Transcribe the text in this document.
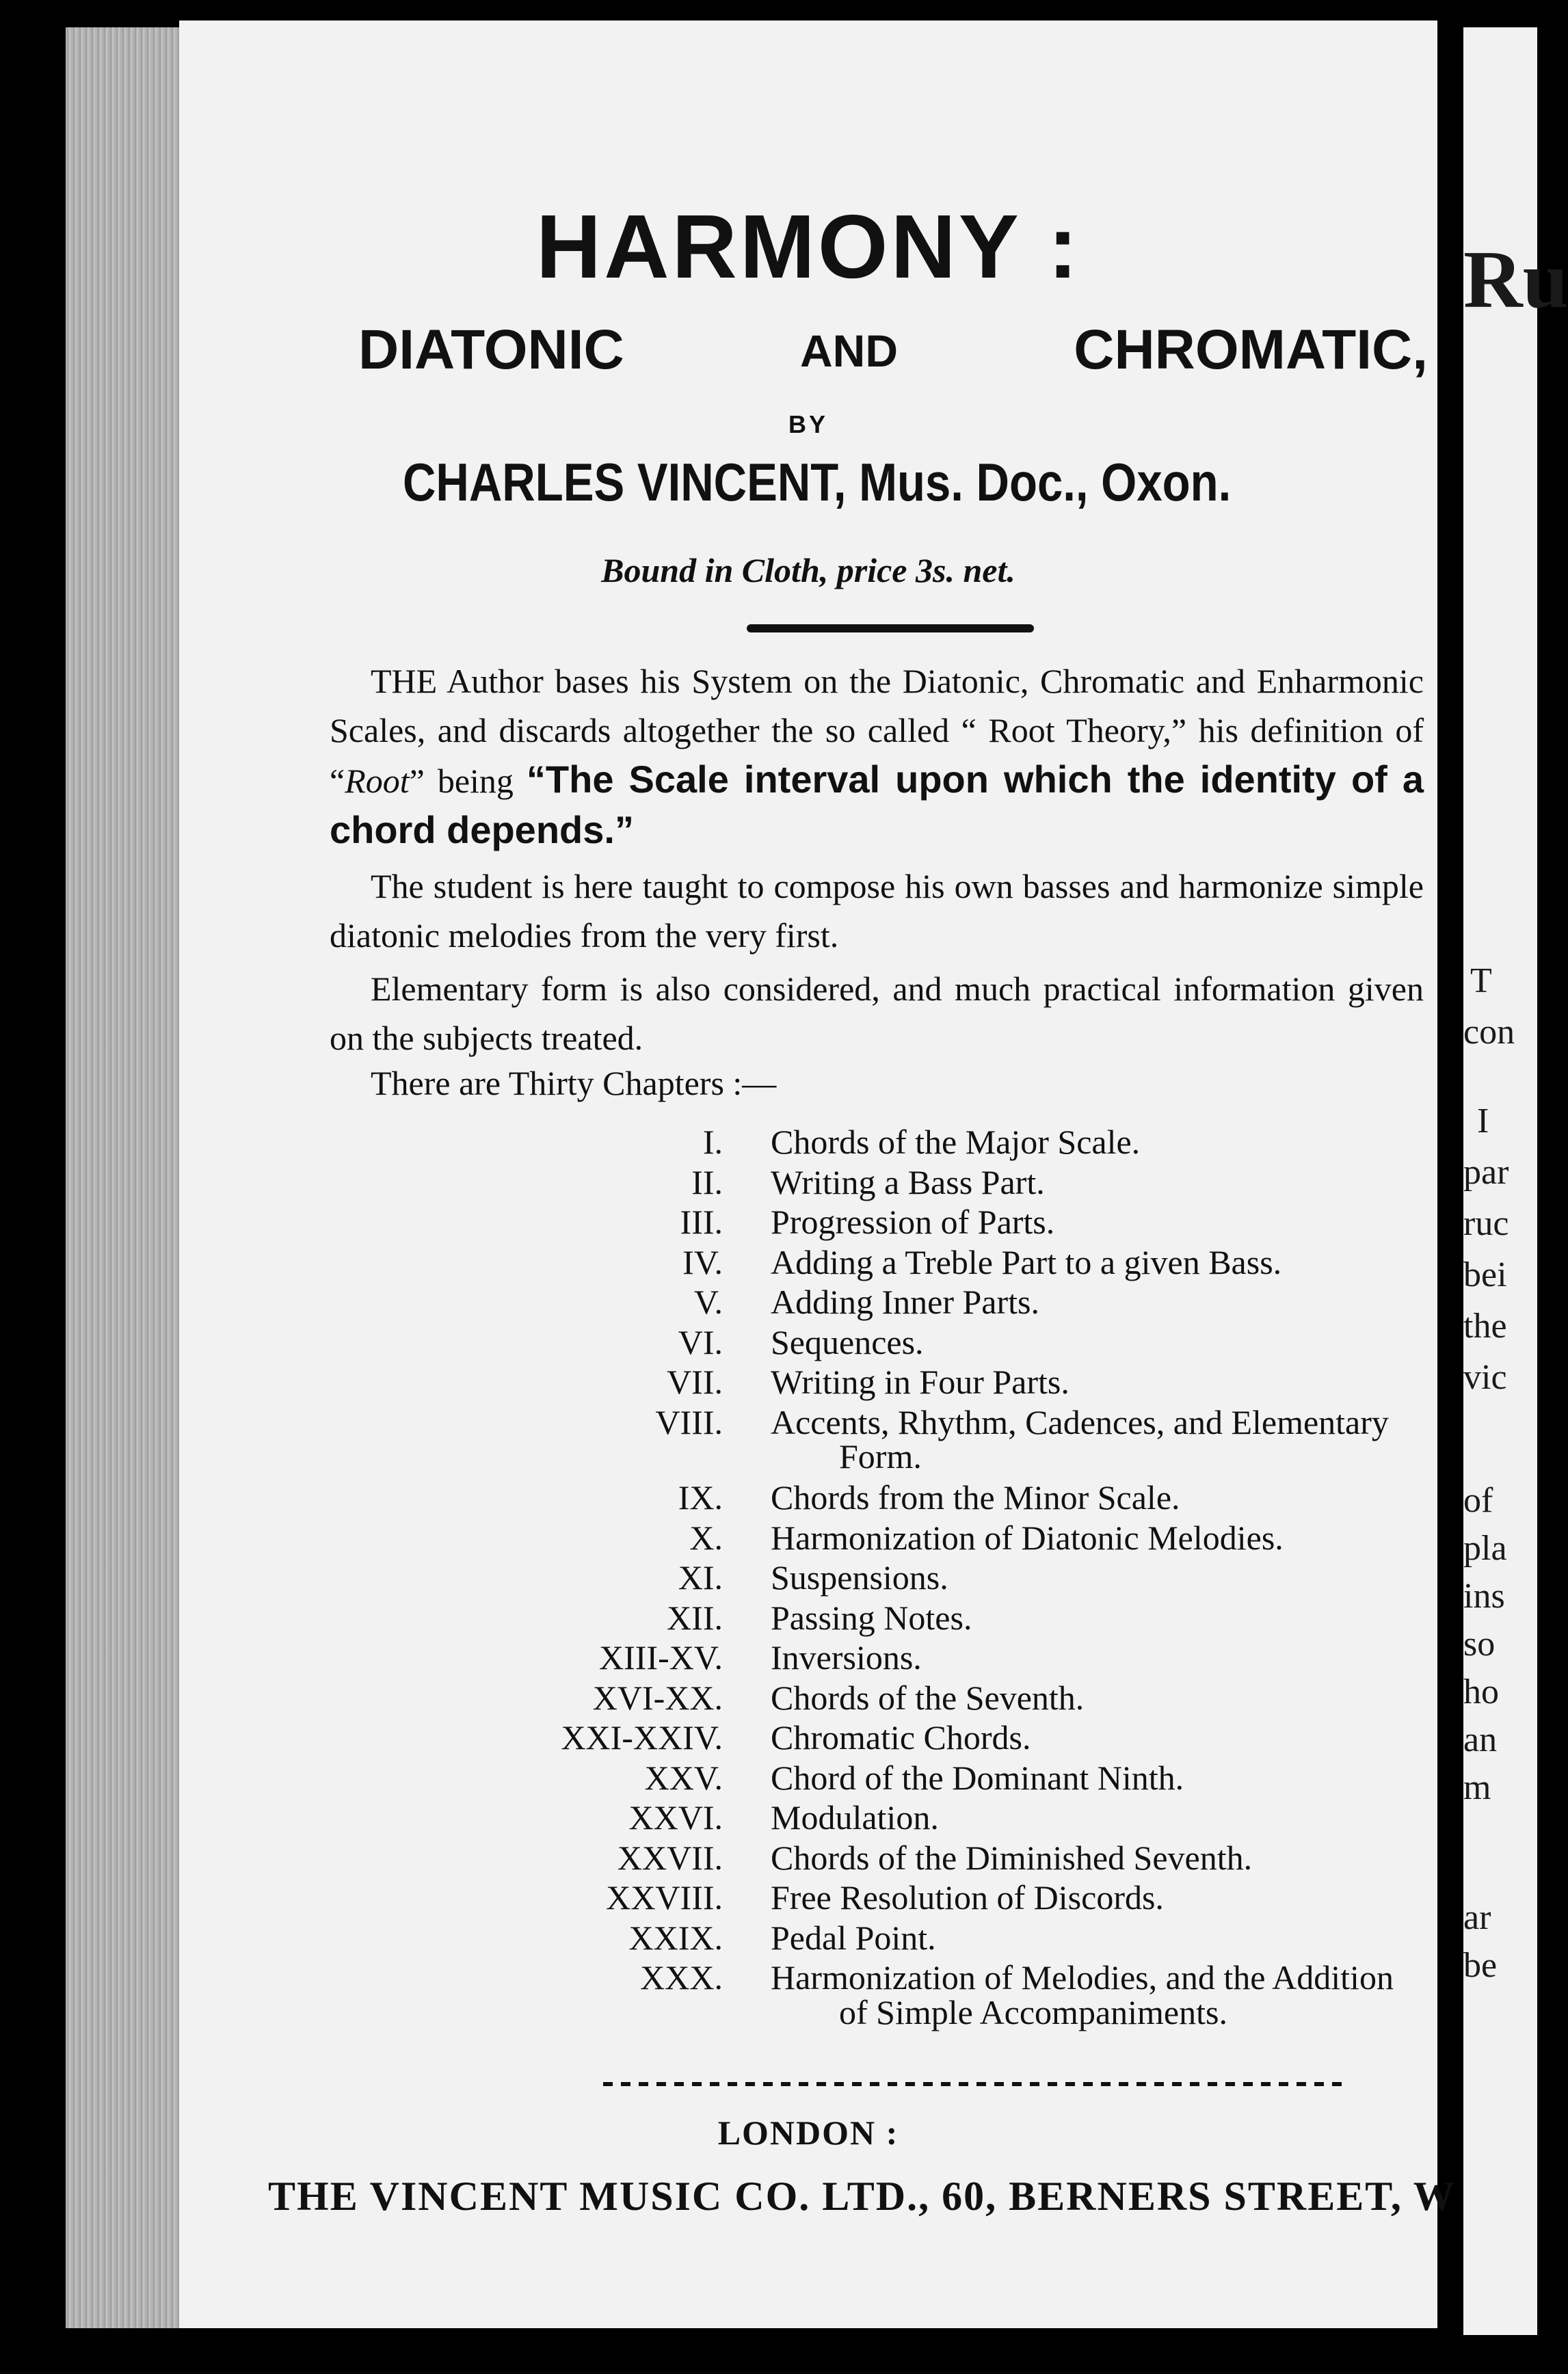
HARMONY :
DIATONIC	AND	CHROMATIC,
BY
CHARLES VINCENT, Mus. Doc., Oxon.
Bound in Cloth, price 3s. net.
THE Author bases his System on the Diatonic, Chromatic and Enharmonic Scales, and discards altogether the so called “ Root Theory,” his definition of “Root” being “The Scale interval upon which the identity of a chord depends.”
The student is here taught to compose his own basses and harmonize simple diatonic melodies from the very first.
Elementary form is also considered, and much practical information given on the subjects treated.
There are Thirty Chapters :—
I. Chords of the Major Scale.
II. Writing a Bass Part.
III. Progression of Parts.
IV. Adding a Treble Part to a given Bass.
V. Adding Inner Parts.
VI. Sequences.
VII. Writing in Four Parts.
VIII. Accents, Rhythm, Cadences, and Elementary
Form.
IX. Chords from the Minor Scale.
X. Harmonization of Diatonic Melodies.
XI. Suspensions.
XII. Passing Notes.
XIII-XV. Inversions.
XVI-XX. Chords of the Seventh.
XXI-XXIV. Chromatic Chords.
XXV. Chord of the Dominant Ninth.
XXVI. Modulation.
XXVII. Chords of the Diminished Seventh.
XXVIII. Free Resolution of Discords.
XXIX. Pedal Point.
XXX. Harmonization of Melodies, and the Addition
of Simple Accompaniments.
LONDON :
THE VINCENT MUSIC CO. LTD., 60, BERNERS STREET, W
Ru
T
con
I
par
ruc
bei
the
vic
of
pla
ins
so
ho
an
m
ar
be
